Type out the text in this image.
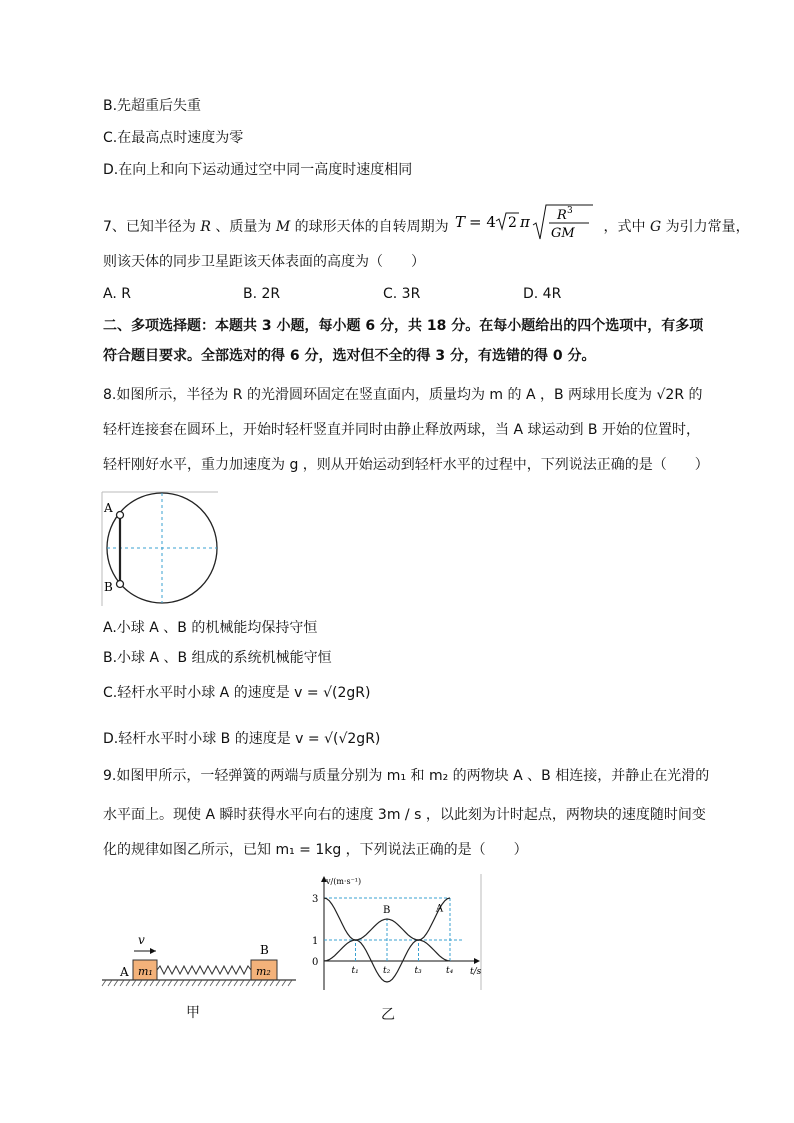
B.先超重后失重
C.在最高点时速度为零
D.在向上和向下运动通过空中同一高度时速度相同
7、已知半径为 R 、质量为 M 的球形天体的自转周期为 T = 4 2 π R 3
GM ，式中 G 为引力常量，
则该天体的同步卫星距该天体表面的高度为（　　）
A. R	B. 2R	C. 3R	D. 4R
二、多项选择题：本题共 3 小题，每小题 6 分，共 18 分。在每小题给出的四个选项中，有多项
符合题目要求。全部选对的得 6 分，选对但不全的得 3 分，有选错的得 0 分。
8.如图所示，半径为 R 的光滑圆环固定在竖直面内，质量均为 m 的 A ，B 两球用长度为 √2R 的
轻杆连接套在圆环上，开始时轻杆竖直并同时由静止释放两球，当 A 球运动到 B 开始的位置时，
轻杆刚好水平，重力加速度为 g ，则从开始运动到轻杆水平的过程中，下列说法正确的是（　　）
A
B
A.小球 A 、B 的机械能均保持守恒
B.小球 A 、B 组成的系统机械能守恒
C.轻杆水平时小球 A 的速度是 v = √(2gR)
D.轻杆水平时小球 B 的速度是 v = √(√2gR)
9.如图甲所示，一轻弹簧的两端与质量分别为 m₁ 和 m₂ 的两物块 A 、B 相连接，并静止在光滑的
水平面上。现使 A 瞬时获得水平向右的速度 3m / s ，以此刻为计时起点，两物块的速度随时间变
化的规律如图乙所示，已知 m₁ = 1kg ，下列说法正确的是（　　）
v
m₁	m₂
A
B
甲
v/(m·s⁻¹)
t/s
3
1
0
t₁	t₂	t₃	t₄
A
B
乙
